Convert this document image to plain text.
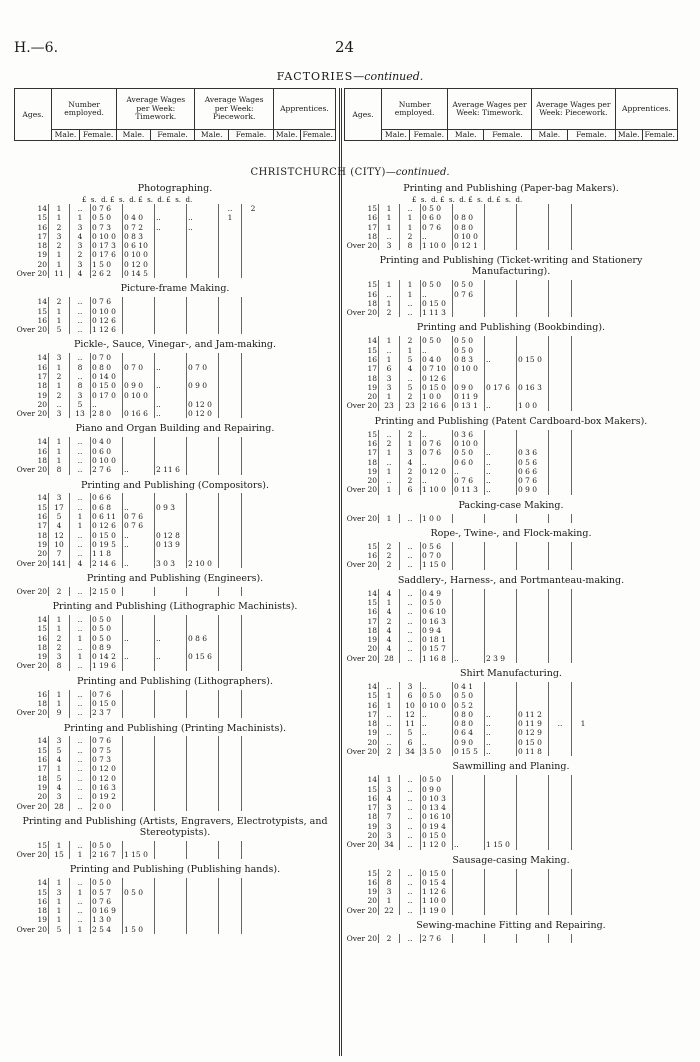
H.—6.	24
FACTORIES—continued.
Ages.	Number employed.		Average Wages per Week: Timework.		Average Wages per Week: Piecework.		Apprentices.	
	Male.	Female.	Male.	Female.	Male.	Female.	Male.	Female.
Ages.	Number employed.		Average Wages per Week: Timework.		Average Wages per Week: Piecework.		Apprentices.	
	Male.	Female.	Male.	Female.	Male.	Female.	Male.	Female.
CHRISTCHURCH (CITY)—continued.
Photographing.
£  s.  d. £  s.  d. £  s.  d. £  s.  d.
14	1	..	0 7 6				..	2
15	1	1	0 5 0	0 4 0	..	..	1	
16	2	3	0 7 3	0 7 2	..	..		
17	3	4	0 10 0	0 8 3				
18	2	3	0 17 3	0 6 10				
19	1	2	0 17 6	0 10 0				
20	1	3	1 5 0	0 12 0				
Over 20	11	4	2 6 2	0 14 5				
Picture-frame Making.
14	2	..	0 7 6					
15	1	..	0 10 0					
16	1	..	0 12 6					
Over 20	5	..	1 12 6					
Pickle-, Sauce, Vinegar-, and Jam-making.
14	3	..	0 7 0					
16	1	8	0 8 0	0 7 0	..	0 7 0		
17	2	..	0 14 0					
18	1	8	0 15 0	0 9 0	..	0 9 0		
19	2	3	0 17 0	0 10 0				
20	..	5	..		..	0 12 0		
Over 20	3	13	2 8 0	0 16 6	..	0 12 0		
Piano and Organ Building and Repairing.
14	1	..	0 4 0					
16	1	..	0 6 0					
18	1	..	0 10 0					
Over 20	8	..	2 7 6	..	2 11 6			
Printing and Publishing (Compositors).
14	3	..	0 6 6					
15	17	..	0 6 8	..	0 9 3			
16	5	1	0 6 11	0 7 6				
17	4	1	0 12 6	0 7 6				
18	12	..	0 15 0	..	0 12 8			
19	10	..	0 19 5	..	0 13 9			
20	7	..	1 1 8					
Over 20	141	4	2 14 6	..	3 0 3	2 10 0		
Printing and Publishing (Engineers).
Over 20	2	..	2 15 0					
Printing and Publishing (Lithographic Machinists).
14	1	..	0 5 0					
15	1	..	0 5 0					
16	2	1	0 5 0	..	..	0 8 6		
18	2	..	0 8 9					
19	3	1	0 14 2	..	..	0 15 6		
Over 20	8	..	1 19 6					
Printing and Publishing (Lithographers).
16	1	..	0 7 6					
18	1	..	0 15 0					
Over 20	9	..	2 3 7					
Printing and Publishing (Printing Machinists).
14	3	..	0 7 6					
15	5	..	0 7 5					
16	4	..	0 7 3					
17	1	..	0 12 0					
18	5	..	0 12 0					
19	4	..	0 16 3					
20	3	..	0 19 2					
Over 20	28	..	2 0 0					
Printing and Publishing (Artists, Engravers, Electrotypists, and Stereotypists).
15	1	..	0 5 0					
Over 20	15	1	2 16 7	1 15 0				
Printing and Publishing (Publishing hands).
14	1	..	0 5 0					
15	3	1	0 5 7	0 5 0				
16	1	..	0 7 6					
18	1	..	0 16 9					
19	1	..	1 3 0					
Over 20	5	1	2 5 4	1 5 0				
Printing and Publishing (Paper-bag Makers).
£  s.  d. £  s.  d. £  s.  d. £  s.  d.
15	1	..	0 5 0					
16	1	1	0 6 0	0 8 0				
17	1	1	0 7 6	0 8 0				
18	..	2	..	0 10 0				
Over 20	3	8	1 10 0	0 12 1				
Printing and Publishing (Ticket-writing and Stationery Manufacturing).
15	1	1	0 5 0	0 5 0				
16	..	1	..	0 7 6				
18	1	..	0 15 0					
Over 20	2	..	1 11 3					
Printing and Publishing (Bookbinding).
14	1	2	0 5 0	0 5 0				
15	..	1	..	0 5 0				
16	1	5	0 4 0	0 8 3	..	0 15 0		
17	6	4	0 7 10	0 10 0				
18	3	..	0 12 6					
19	3	5	0 15 0	0 9 0	0 17 6	0 16 3		
20	1	2	1 0 0	0 11 9				
Over 20	23	23	2 16 6	0 13 1	..	1 0 0		
Printing and Publishing (Patent Cardboard-box Makers).
15	..	2	..	0 3 6				
16	2	1	0 7 6	0 10 0				
17	1	3	0 7 6	0 5 0	..	0 3 6		
18	..	4	..	0 6 0	..	0 5 6		
19	1	2	0 12 0	..	..	0 6 6		
20	..	2	..	0 7 6	..	0 7 6		
Over 20	1	6	1 10 0	0 11 3	..	0 9 0		
Packing-case Making.
Over 20	1	..	1 0 0					
Rope-, Twine-, and Flock-making.
15	2	..	0 5 6					
16	2	..	0 7 0					
Over 20	2	..	1 15 0					
Saddlery-, Harness-, and Portmanteau-making.
14	4	..	0 4 9					
15	1	..	0 5 0					
16	4	..	0 6 10					
17	2	..	0 16 3					
18	4	..	0 9 4					
19	4	..	0 18 1					
20	4	..	0 15 7					
Over 20	28	..	1 16 8	..	2 3 9			
Shirt Manufacturing.
14	..	3	..	0 4 1				
15	1	6	0 5 0	0 5 0				
16	1	10	0 10 0	0 5 2				
17	..	12	..	0 8 0	..	0 11 2		
18	..	11	..	0 8 0	..	0 11 9	..	1
19	..	5	..	0 6 4	..	0 12 9		
20	..	6	..	0 9 0	..	0 15 0		
Over 20	2	34	3 5 0	0 15 5	..	0 11 8		
Sawmilling and Planing.
14	1	..	0 5 0					
15	3	..	0 9 0					
16	4	..	0 10 3					
17	3	..	0 13 4					
18	7	..	0 16 10					
19	3	..	0 19 4					
20	3	..	0 15 0					
Over 20	34	..	1 12 0	..	1 15 0			
Sausage-casing Making.
15	2	..	0 15 0					
16	8	..	0 15 4					
19	3	..	1 12 6					
20	1	..	1 10 0					
Over 20	22	..	1 19 0					
Sewing-machine Fitting and Repairing.
Over 20	2	..	2 7 6					
